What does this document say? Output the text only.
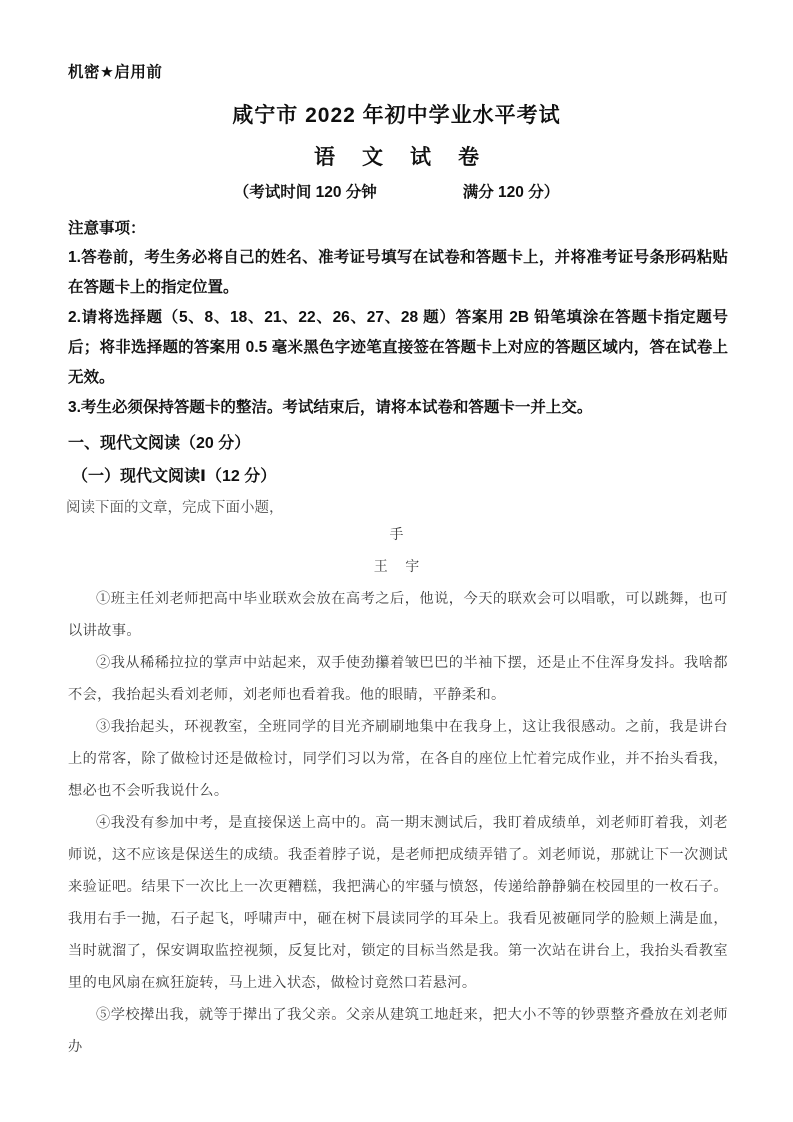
机密★启用前
咸宁市 2022 年初中学业水平考试
语文试卷
（考试时间 120 分钟	满分 120 分）
注意事项：
1.答卷前，考生务必将自己的姓名、准考证号填写在试卷和答题卡上，并将准考证号条形码粘贴在答题卡上的指定位置。
2.请将选择题（5、8、18、21、22、26、27、28 题）答案用 2B 铅笔填涂在答题卡指定题号后；将非选择题的答案用 0.5 毫米黑色字迹笔直接签在答题卡上对应的答题区域内，答在试卷上无效。
3.考生必须保持答题卡的整洁。考试结束后，请将本试卷和答题卡一并上交。
一、现代文阅读（20 分）
（一）现代文阅读Ⅰ（12 分）
阅读下面的文章，完成下面小题，
手
王 宇

①班主任刘老师把高中毕业联欢会放在高考之后，他说，今天的联欢会可以唱歌，可以跳舞，也可以讲故事。

②我从稀稀拉拉的掌声中站起来，双手使劲攥着皱巴巴的半袖下摆，还是止不住浑身发抖。我啥都不会，我抬起头看刘老师，刘老师也看着我。他的眼睛，平静柔和。

③我抬起头，环视教室，全班同学的目光齐刷刷地集中在我身上，这让我很感动。之前，我是讲台上的常客，除了做检讨还是做检讨，同学们习以为常，在各自的座位上忙着完成作业，并不抬头看我，想必也不会听我说什么。

④我没有参加中考，是直接保送上高中的。高一期末测试后，我盯着成绩单，刘老师盯着我，刘老师说，这不应该是保送生的成绩。我歪着脖子说，是老师把成绩弄错了。刘老师说，那就让下一次测试来验证吧。结果下一次比上一次更糟糕，我把满心的牢骚与愤怒，传递给静静躺在校园里的一枚石子。我用右手一抛，石子起飞，呼啸声中，砸在树下晨读同学的耳朵上。我看见被砸同学的脸颊上满是血，当时就溜了，保安调取监控视频，反复比对，锁定的目标当然是我。第一次站在讲台上，我抬头看教室里的电风扇在疯狂旋转，马上进入状态，做检讨竟然口若悬河。

⑤学校撵出我，就等于撵出了我父亲。父亲从建筑工地赶来，把大小不等的钞票整齐叠放在刘老师办
